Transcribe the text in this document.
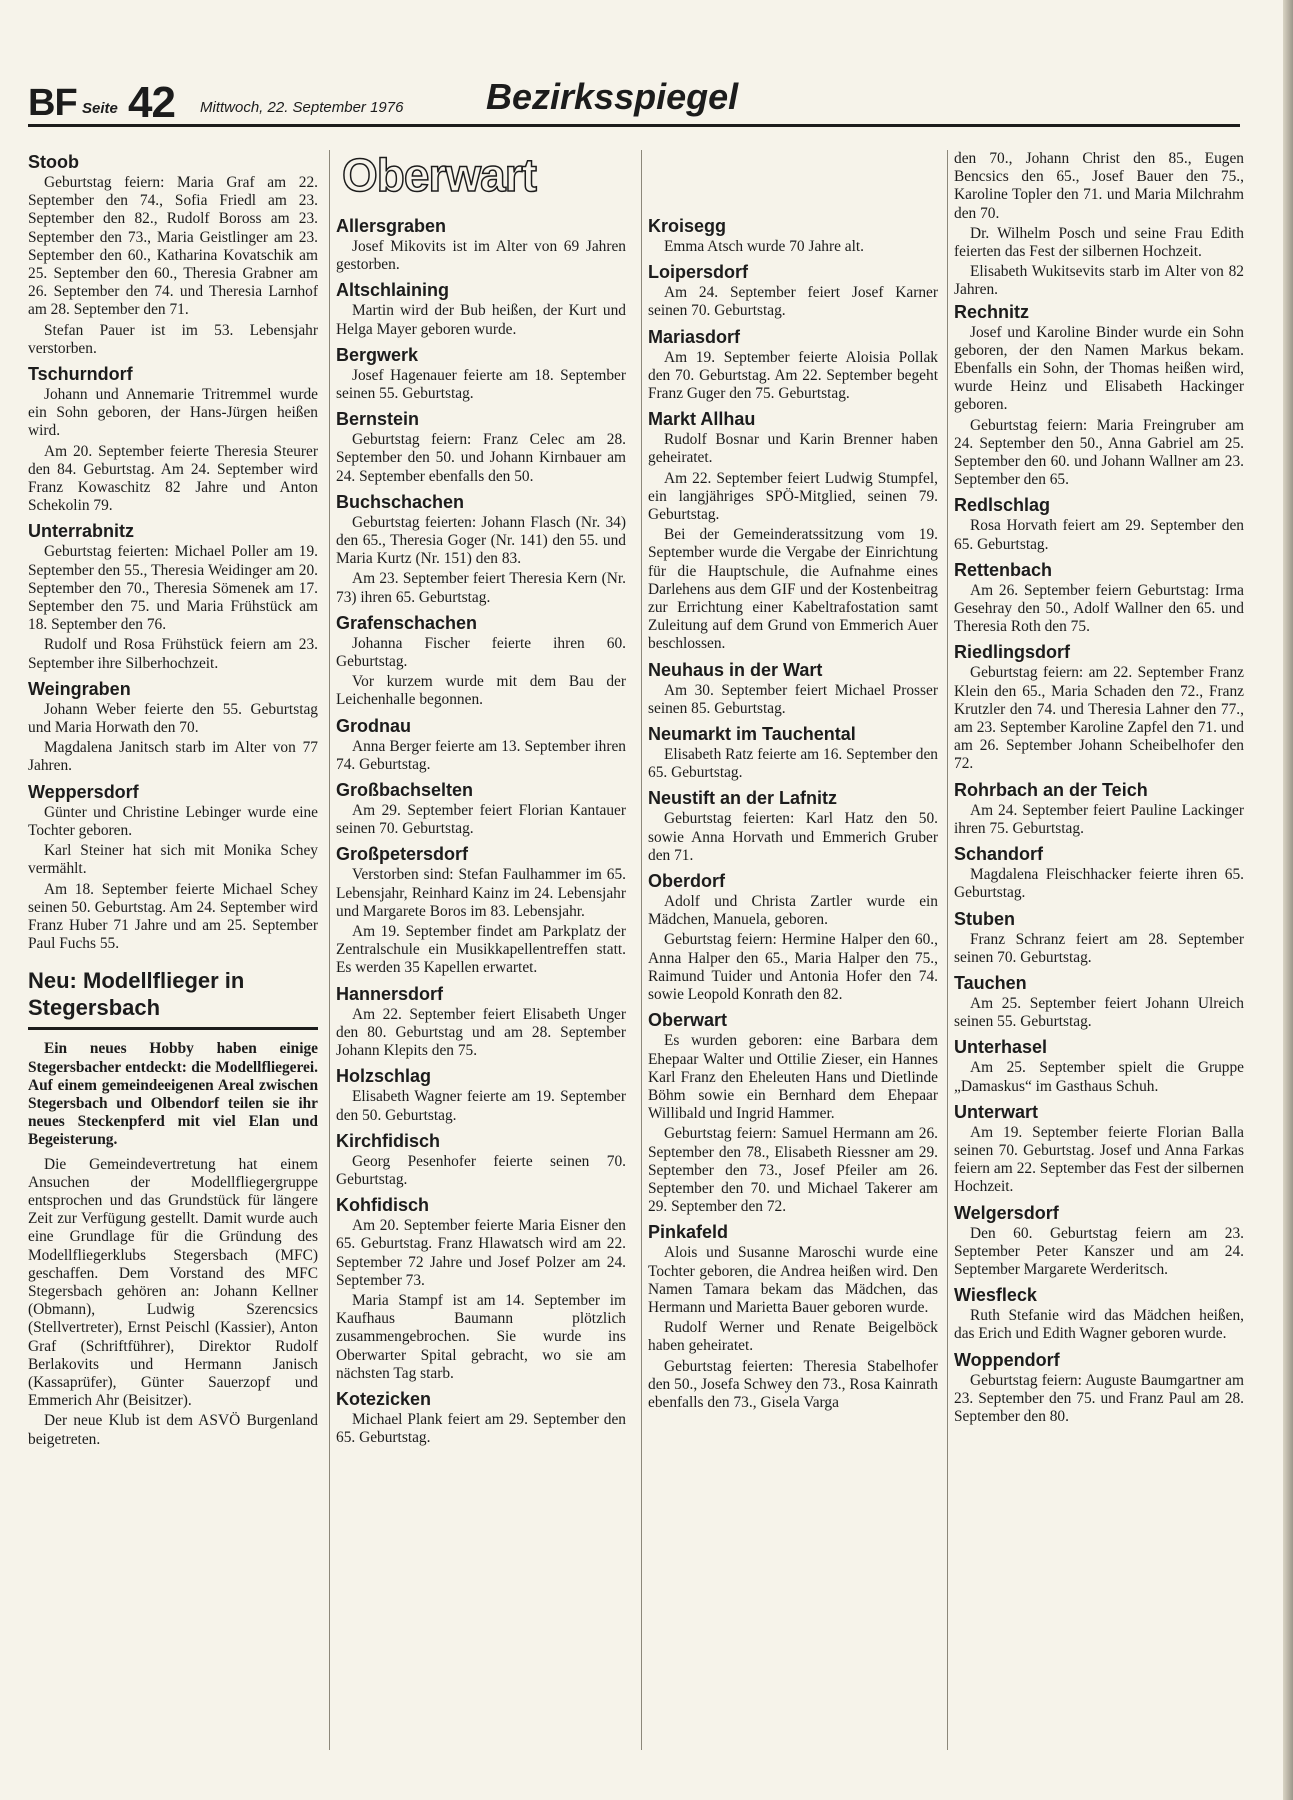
BF Seite 42 Mittwoch, 22. September 1976 Bezirksspiegel
Oberwart
Stoob

Geburtstag feiern: Maria Graf am 22. September den 74., Sofia Friedl am 23. September den 82., Rudolf Boross am 23. September den 73., Maria Geistlinger am 23. September den 60., Katharina Kovatschik am 25. September den 60., Theresia Grabner am 26. September den 74. und Theresia Larnhof am 28. September den 71.

Stefan Pauer ist im 53. Lebensjahr verstorben.

Tschurndorf

Johann und Annemarie Tritremmel wurde ein Sohn geboren, der Hans-Jürgen heißen wird.

Am 20. September feierte Theresia Steurer den 84. Geburtstag. Am 24. September wird Franz Kowaschitz 82 Jahre und Anton Schekolin 79.

Unterrabnitz

Geburtstag feierten: Michael Poller am 19. September den 55., Theresia Weidinger am 20. September den 70., Theresia Sömenek am 17. September den 75. und Maria Frühstück am 18. September den 76.

Rudolf und Rosa Frühstück feiern am 23. September ihre Silberhochzeit.

Weingraben

Johann Weber feierte den 55. Geburtstag und Maria Horwath den 70.

Magdalena Janitsch starb im Alter von 77 Jahren.

Weppersdorf

Günter und Christine Lebinger wurde eine Tochter geboren.

Karl Steiner hat sich mit Monika Schey vermählt.

Am 18. September feierte Michael Schey seinen 50. Geburtstag. Am 24. September wird Franz Huber 71 Jahre und am 25. September Paul Fuchs 55.

Neu: Modellflieger in Stegersbach

Ein neues Hobby haben einige Stegersbacher entdeckt: die Modellfliegerei. Auf einem gemeindeeigenen Areal zwischen Stegersbach und Olbendorf teilen sie ihr neues Steckenpferd mit viel Elan und Begeisterung.

Die Gemeindevertretung hat einem Ansuchen der Modellfliegergruppe entsprochen und das Grundstück für längere Zeit zur Verfügung gestellt. Damit wurde auch eine Grundlage für die Gründung des Modellfliegerklubs Stegersbach (MFC) geschaffen. Dem Vorstand des MFC Stegersbach gehören an: Johann Kellner (Obmann), Ludwig Szerencsics (Stellvertreter), Ernst Peischl (Kassier), Anton Graf (Schriftführer), Direktor Rudolf Berlakovits und Hermann Janisch (Kassaprüfer), Günter Sauerzopf und Emmerich Ahr (Beisitzer).

Der neue Klub ist dem ASVÖ Burgenland beigetreten.

Allersgraben

Josef Mikovits ist im Alter von 69 Jahren gestorben.

Altschlaining

Martin wird der Bub heißen, der Kurt und Helga Mayer geboren wurde.

Bergwerk

Josef Hagenauer feierte am 18. September seinen 55. Geburtstag.

Bernstein

Geburtstag feiern: Franz Celec am 28. September den 50. und Johann Kirnbauer am 24. September ebenfalls den 50.

Buchschachen

Geburtstag feierten: Johann Flasch (Nr. 34) den 65., Theresia Goger (Nr. 141) den 55. und Maria Kurtz (Nr. 151) den 83.

Am 23. September feiert Theresia Kern (Nr. 73) ihren 65. Geburtstag.

Grafenschachen

Johanna Fischer feierte ihren 60. Geburtstag.

Vor kurzem wurde mit dem Bau der Leichenhalle begonnen.

Grodnau

Anna Berger feierte am 13. September ihren 74. Geburtstag.

Großbachselten

Am 29. September feiert Florian Kantauer seinen 70. Geburtstag.

Großpetersdorf

Verstorben sind: Stefan Faulhammer im 65. Lebensjahr, Reinhard Kainz im 24. Lebensjahr und Margarete Boros im 83. Lebensjahr.

Am 19. September findet am Parkplatz der Zentralschule ein Musikkapellentreffen statt. Es werden 35 Kapellen erwartet.

Hannersdorf

Am 22. September feiert Elisabeth Unger den 80. Geburtstag und am 28. September Johann Klepits den 75.

Holzschlag

Elisabeth Wagner feierte am 19. September den 50. Geburtstag.

Kirchfidisch

Georg Pesenhofer feierte seinen 70. Geburtstag.

Kohfidisch

Am 20. September feierte Maria Eisner den 65. Geburtstag. Franz Hlawatsch wird am 22. September 72 Jahre und Josef Polzer am 24. September 73.

Maria Stampf ist am 14. September im Kaufhaus Baumann plötzlich zusammengebrochen. Sie wurde ins Oberwarter Spital gebracht, wo sie am nächsten Tag starb.

Kotezicken

Michael Plank feiert am 29. September den 65. Geburtstag.

Kroisegg

Emma Atsch wurde 70 Jahre alt.

Loipersdorf

Am 24. September feiert Josef Karner seinen 70. Geburtstag.

Mariasdorf

Am 19. September feierte Aloisia Pollak den 70. Geburtstag. Am 22. September begeht Franz Guger den 75. Geburtstag.

Markt Allhau

Rudolf Bosnar und Karin Brenner haben geheiratet.

Am 22. September feiert Ludwig Stumpfel, ein langjähriges SPÖ-Mitglied, seinen 79. Geburtstag.

Bei der Gemeinderatssitzung vom 19. September wurde die Vergabe der Einrichtung für die Hauptschule, die Aufnahme eines Darlehens aus dem GIF und der Kostenbeitrag zur Errichtung einer Kabeltrafostation samt Zuleitung auf dem Grund von Emmerich Auer beschlossen.

Neuhaus in der Wart

Am 30. September feiert Michael Prosser seinen 85. Geburtstag.

Neumarkt im Tauchental

Elisabeth Ratz feierte am 16. September den 65. Geburtstag.

Neustift an der Lafnitz

Geburtstag feierten: Karl Hatz den 50. sowie Anna Horvath und Emmerich Gruber den 71.

Oberdorf

Adolf und Christa Zartler wurde ein Mädchen, Manuela, geboren.

Geburtstag feiern: Hermine Halper den 60., Anna Halper den 65., Maria Halper den 75., Raimund Tuider und Antonia Hofer den 74. sowie Leopold Konrath den 82.

Oberwart

Es wurden geboren: eine Barbara dem Ehepaar Walter und Ottilie Zieser, ein Hannes Karl Franz den Eheleuten Hans und Dietlinde Böhm sowie ein Bernhard dem Ehepaar Willibald und Ingrid Hammer.

Geburtstag feiern: Samuel Hermann am 26. September den 78., Elisabeth Riessner am 29. September den 73., Josef Pfeiler am 26. September den 70. und Michael Takerer am 29. September den 72.

Pinkafeld

Alois und Susanne Maroschi wurde eine Tochter geboren, die Andrea heißen wird. Den Namen Tamara bekam das Mädchen, das Hermann und Marietta Bauer geboren wurde.

Rudolf Werner und Renate Beigelböck haben geheiratet.

Geburtstag feierten: Theresia Stabelhofer den 50., Josefa Schwey den 73., Rosa Kainrath ebenfalls den 73., Gisela Varga

den 70., Johann Christ den 85., Eugen Bencsics den 65., Josef Bauer den 75., Karoline Topler den 71. und Maria Milchrahm den 70.

Dr. Wilhelm Posch und seine Frau Edith feierten das Fest der silbernen Hochzeit.

Elisabeth Wukitsevits starb im Alter von 82 Jahren.

Rechnitz

Josef und Karoline Binder wurde ein Sohn geboren, der den Namen Markus bekam. Ebenfalls ein Sohn, der Thomas heißen wird, wurde Heinz und Elisabeth Hackinger geboren.

Geburtstag feiern: Maria Freingruber am 24. September den 50., Anna Gabriel am 25. September den 60. und Johann Wallner am 23. September den 65.

Redlschlag

Rosa Horvath feiert am 29. September den 65. Geburtstag.

Rettenbach

Am 26. September feiern Geburtstag: Irma Gesehray den 50., Adolf Wallner den 65. und Theresia Roth den 75.

Riedlingsdorf

Geburtstag feiern: am 22. September Franz Klein den 65., Maria Schaden den 72., Franz Krutzler den 74. und Theresia Lahner den 77., am 23. September Karoline Zapfel den 71. und am 26. September Johann Scheibelhofer den 72.

Rohrbach an der Teich

Am 24. September feiert Pauline Lackinger ihren 75. Geburtstag.

Schandorf

Magdalena Fleischhacker feierte ihren 65. Geburtstag.

Stuben

Franz Schranz feiert am 28. September seinen 70. Geburtstag.

Tauchen

Am 25. September feiert Johann Ulreich seinen 55. Geburtstag.

Unterhasel

Am 25. September spielt die Gruppe „Damaskus“ im Gasthaus Schuh.

Unterwart

Am 19. September feierte Florian Balla seinen 70. Geburtstag. Josef und Anna Farkas feiern am 22. September das Fest der silbernen Hochzeit.

Welgersdorf

Den 60. Geburtstag feiern am 23. September Peter Kanszer und am 24. September Margarete Werderitsch.

Wiesfleck

Ruth Stefanie wird das Mädchen heißen, das Erich und Edith Wagner geboren wurde.

Woppendorf

Geburtstag feiern: Auguste Baumgartner am 23. September den 75. und Franz Paul am 28. September den 80.
